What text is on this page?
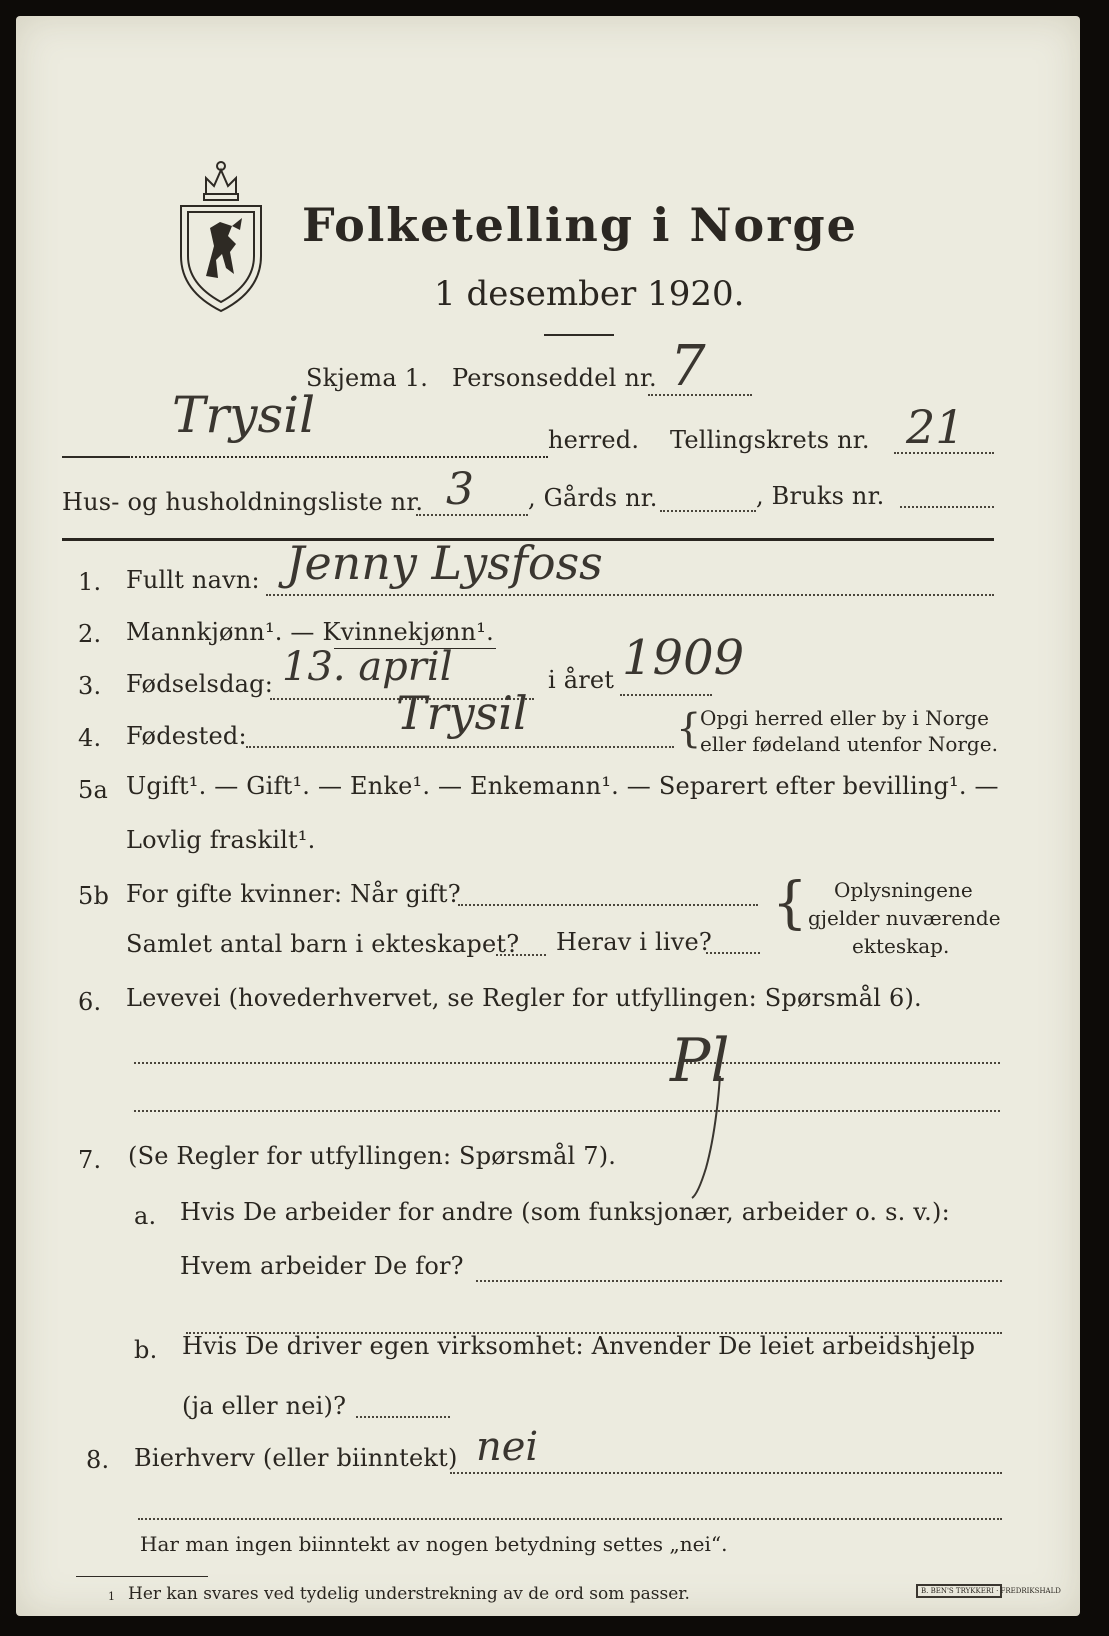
Folketelling i Norge
1 desember 1920.
Skjema 1. Personseddel nr. 7
Trysil	herred. Tellingskrets nr. 21
Hus- og husholdningsliste nr. 3 , Gårds nr.	, Bruks nr.
1. Fullt navn: Jenny Lysfoss
2. Mannkjønn¹. — Kvinnekjønn¹.
3. Fødselsdag: 13. april	i året 1909
4. Fødested:	Trysil	{
Opgi herred eller by i Norge
eller fødeland utenfor Norge.
5a Ugift¹. — Gift¹. — Enke¹. — Enkemann¹. — Separert efter bevilling¹. —
Lovlig fraskilt¹.
5b For gifte kvinner: Når gift?
Samlet antal barn i ekteskapet? Herav i live?
{ Oplysningene
gjelder nuværende
ekteskap.
6. Levevei (hovederhvervet, se Regler for utfyllingen: Spørsmål 6).
Pl
7. (Se Regler for utfyllingen: Spørsmål 7).
a. Hvis De arbeider for andre (som funksjonær, arbeider o. s. v.):
Hvem arbeider De for?
b. Hvis De driver egen virksomhet: Anvender De leiet arbeidshjelp
(ja eller nei)?
8. Bierhverv (eller biinntekt) nei
Har man ingen biinntekt av nogen betydning settes „nei“.
1 Her kan svares ved tydelig understrekning av de ord som passer.	B. BEN'S TRYKKERI · FREDRIKSHALD
